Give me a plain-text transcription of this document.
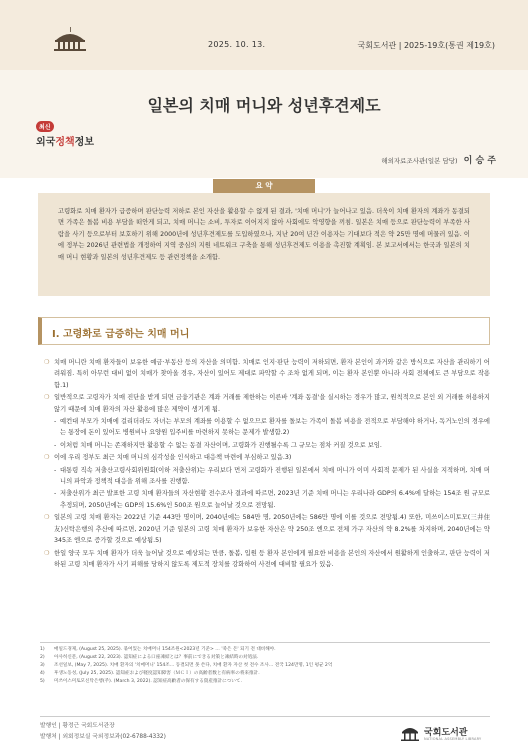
2025. 10. 13.	국회도서관 | 2025-19호(통권 제19호)
일본의 치매 머니와 성년후견제도
최신
외국정책정보
해외자료조사관(일본 담당) 이 승 주
요 약

고령화로 치매 환자가 급증하며 판단능력 저하로 본인 자산을 활용할 수 없게 된 결과, '치매 머니'가 늘어나고 있음. 더욱이 치매 환자의 계좌가 동결되면 가족은 돌봄 비용 부담을 떠안게 되고, 치매 머니는 소비, 투자로 이어지지 않아 사회에도 악영향을 끼침. 일본은 치매 등으로 판단능력이 부족한 사람을 사기 등으로부터 보호하기 위해 2000년에 성년후견제도를 도입하였으나, 지난 20여 년간 이용자는 기대보다 적은 약 25만 명에 머물러 있음. 이에 정부는 2026년 관련법을 개정하여 지역 중심의 지원 네트워크 구축을 통해 성년후견제도 이용을 촉진할 계획임. 본 보고서에서는 한국과 일본의 치매 머니 현황과 일본의 성년후견제도 등 관련정책을 소개함.

Ⅰ. 고령화로 급증하는 치매 머니
❍ 치매 머니란 치매 환자들이 보유한 예금·부동산 등의 자산을 의미함. 치매로 인지·판단 능력이 저하되면, 환자 본인이 과거와 같은 방식으로 자산을 관리하기 어려워짐. 특히 아무런 대비 없이 치매가 찾아올 경우, 자산이 있어도 제대로 파악할 수 조차 없게 되며, 이는 환자 본인뿐 아니라 사회 전체에도 큰 부담으로 작용함.1)
❍ 일반적으로 고령자가 치매 진단을 받게 되면 금융기관은 계좌 거래를 제한하는 이른바 '계좌 동결'을 실시하는 경우가 많고, 원칙적으로 본인 외 거래를 허용하지 않기 때문에 치매 환자의 자산 활용에 많은 제약이 생기게 됨.
- 예컨대 부모가 치매에 걸리더라도 자녀는 부모의 계좌를 이용할 수 없으므로 환자를 돌보는 가족이 돌봄 비용을 전적으로 부담해야 하거나, 독거노인의 경우에는 통장에 돈이 있어도 병원비나 요양원 입주비를 마련하지 못하는 문제가 발생함.2)
- 이처럼 치매 머니는 존재하지만 활용할 수 없는 동결 자산이며, 고령화가 진행될수록 그 규모는 점차 커질 것으로 보임.
❍ 이에 우리 정부도 최근 치매 머니의 심각성을 인식하고 대응책 마련에 부심하고 있음.3)
- 대통령 직속 저출산고령사회위원회(이하 저출산위)는 우리보다 먼저 고령화가 진행된 일본에서 치매 머니가 이미 사회적 문제가 된 사실을 지적하며, 치매 머니의 파악과 정책적 대응을 위해 조사를 진행함.
- 저출산위가 최근 발표한 고령 치매 환자들의 자산현황 전수조사 결과에 따르면, 2023년 기준 치매 머니는 우리나라 GDP의 6.4%에 달하는 154조 원 규모로 추정되며, 2050년에는 GDP의 15.6%인 500조 원으로 늘어날 것으로 전망됨.
❍ 일본의 고령 치매 환자는 2022년 기준 443만 명이며, 2040년에는 584만 명, 2050년에는 586만 명에 이를 것으로 전망됨.4) 또한, 미쓰이스미토모(三井住友)신탁은행의 추산에 따르면, 2020년 기준 일본의 고령 치매 환자가 보유한 자산은 약 250조 엔으로 전체 가구 자산의 약 8.2%를 차지하며, 2040년에는 약 345조 엔으로 증가할 것으로 예상됨.5)
❍ 한일 양국 모두 치매 환자가 더욱 늘어날 것으로 예상되는 만큼, 돌봄, 입원 등 환자 본인에게 필요한 비용을 본인의 자산에서 원활하게 인출하고, 판단 능력이 저하된 고령 치매 환자가 사기 피해를 당하지 않도록 제도적 장치를 강화하여 사전에 대비할 필요가 있음.
1) 매일드경제, (August 25, 2025). 묶여있는 치매머니 154조원<2023년 기준> … '죽은 돈' 되기 전 대비해야.
2) 아사히신문, (August 22, 2023). 認知症による口座凍結とは？事前にできる対策と凍結時の対処法.
3) 조선일보, (May 7, 2025). 치매 환자의 '치매머니' 154조… 동결되면 못 쓴다, 치매 환자 자산 첫 전수 조사… 전국 124만명, 1인 평균 2억
4) 후생노동성, (July 25, 2025). 認知症および軽度認知障害（ＭＣＩ）の高齢者数と有病率の将来推計.
5) 미쓰이스미토모신탁은행(주). (March 3, 2022). 認知症高齢者の保有する資産推計について.
발행인 | 황정근 국회도서관장
발행처 | 외회정보실 국외정보과(02-6788-4332)	국회도서관
NATIONAL ASSEMBLY LIBRARY
